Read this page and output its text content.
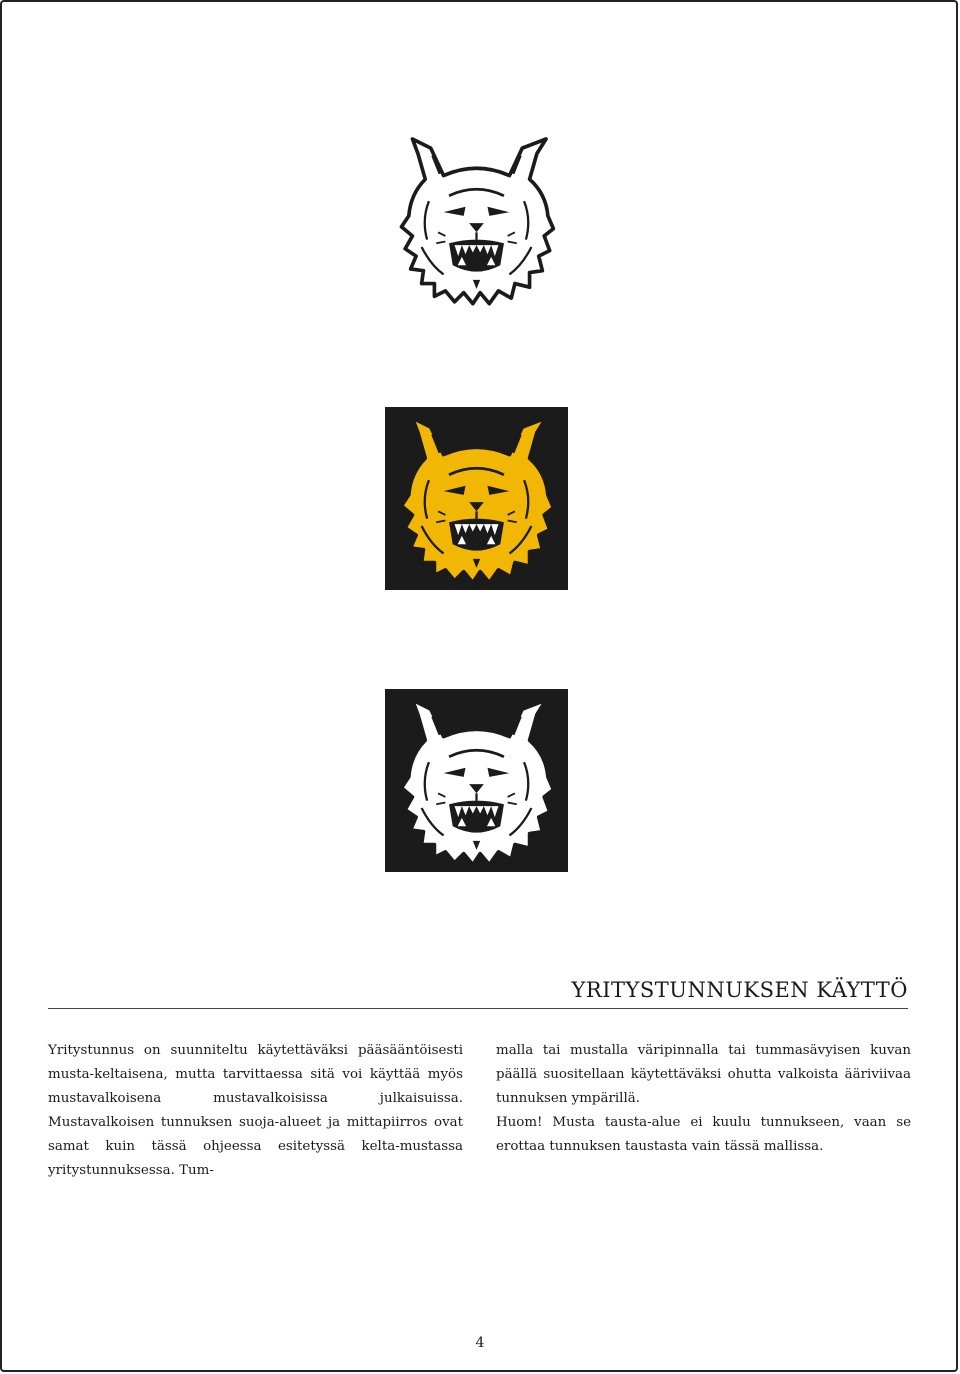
YRITYSTUNNUKSEN KÄYTTÖ

Yritystunnus on suunniteltu käytettäväksi pääsääntöisesti musta-keltaisena, mutta tarvittaessa sitä voi käyttää myös mustavalkoisena mustavalkoisissa julkaisuissa. Mustavalkoisen tunnuksen suoja-alueet ja mittapiirros ovat samat kuin tässä ohjeessa esitetyssä kelta-mustassa yritystunnuksessa. Tum-

malla tai mustalla väripinnalla tai tummasävyisen kuvan päällä suositellaan käytettäväksi ohutta valkoista ääriviivaa tunnuksen ympärillä.

Huom! Musta tausta-alue ei kuulu tunnukseen, vaan se erottaa tunnuksen taustasta vain tässä mallissa.

4
